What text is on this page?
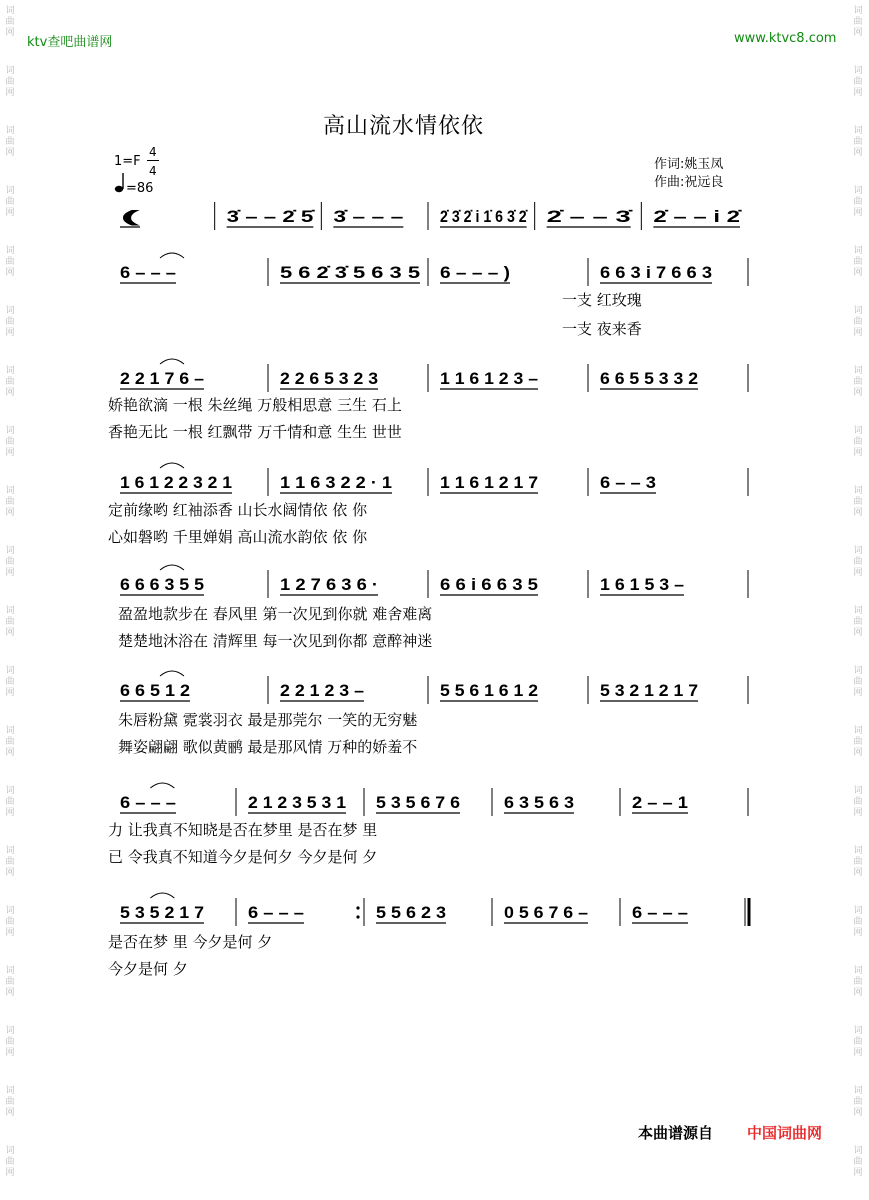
词
曲
网
词
曲
网
词
曲
网
词
曲
网
词
曲
网
词
曲
网
词
曲
网
词
曲
网
词
曲
网
词
曲
网
词
曲
网
词
曲
网
词
曲
网
词
曲
网
词
曲
网
词
曲
网
词
曲
网
词
曲
网
词
曲
网
词
曲
网
词
曲
网
词
曲
网
词
曲
网
词
曲
网
词
曲
网
词
曲
网
词
曲
网
词
曲
网
词
曲
网
词
曲
网
词
曲
网
词
曲
网
词
曲
网
词
曲
网
词
曲
网
词
曲
网
词
曲
网
词
曲
网
词
曲
网
词
曲
网
ktv查吧曲谱网	www.ktvc8.com
高山流水情依依
1=F
4
4
=86
作词:姚玉凤
作曲:祝远良
(	3̇ – – 2̇ 5̇ 3̇ – – – 2̇ 3̇ 2̇ i 1̇ 6 3̇ 2̇ 2̇ – – 3̇ 2̇ – – i 2̇
6 – – –	5 6 2̇ 3̇ 5 6 3 5 6 – – – )	6 6 3 i 7 6 6 3
2 2 1 7 6 –	2 2 6 5 3 2 3	1 1 6 1 2 3 –	6 6 5 5 3 3 2
1 6 1 2 2 3 2 1	1 1 6 3 2 2 · 1	1 1 6 1 2 1 7	6 – – 3
6 6 6 3 5 5	1 2 7 6 3 6 ·	6 6 i 6 6 3 5	1 6 1 5 3 –
6 6 5 1 2	2 2 1 2 3 –	5 5 6 1 6 1 2	5 3 2 1 2 1 7
6 – – –	2 1 2 3 5 3 1 5 3 5 6 7 6	6 3 5 6 3	2 – – 1
5 3 5 2 1 7	6 – – –	5 5 6 2 3	0 5 6 7 6 –	6 – – –
一支 红玫瑰
一支 夜来香
娇艳欲滴 一根 朱丝绳 万般相思意 三生 石上
香艳无比 一根 红飘带 万千情和意 生生 世世
定前缘哟 红袖添香 山长水阔情依 依 你
心如磐哟 千里婵娟 高山流水韵依 依 你
盈盈地款步在 春风里 第一次见到你就 难舍难离
楚楚地沐浴在 清辉里 每一次见到你都 意醉神迷
朱唇粉黛 霓裳羽衣 最是那莞尔 一笑的无穷魅
舞姿翩翩 歌似黄鹂 最是那风情 万种的娇羞不
力 让我真不知晓是否在梦里 是否在梦 里
已 令我真不知道今夕是何夕 今夕是何 夕
是否在梦 里 今夕是何 夕
今夕是何 夕
本曲谱源自 中国词曲网
